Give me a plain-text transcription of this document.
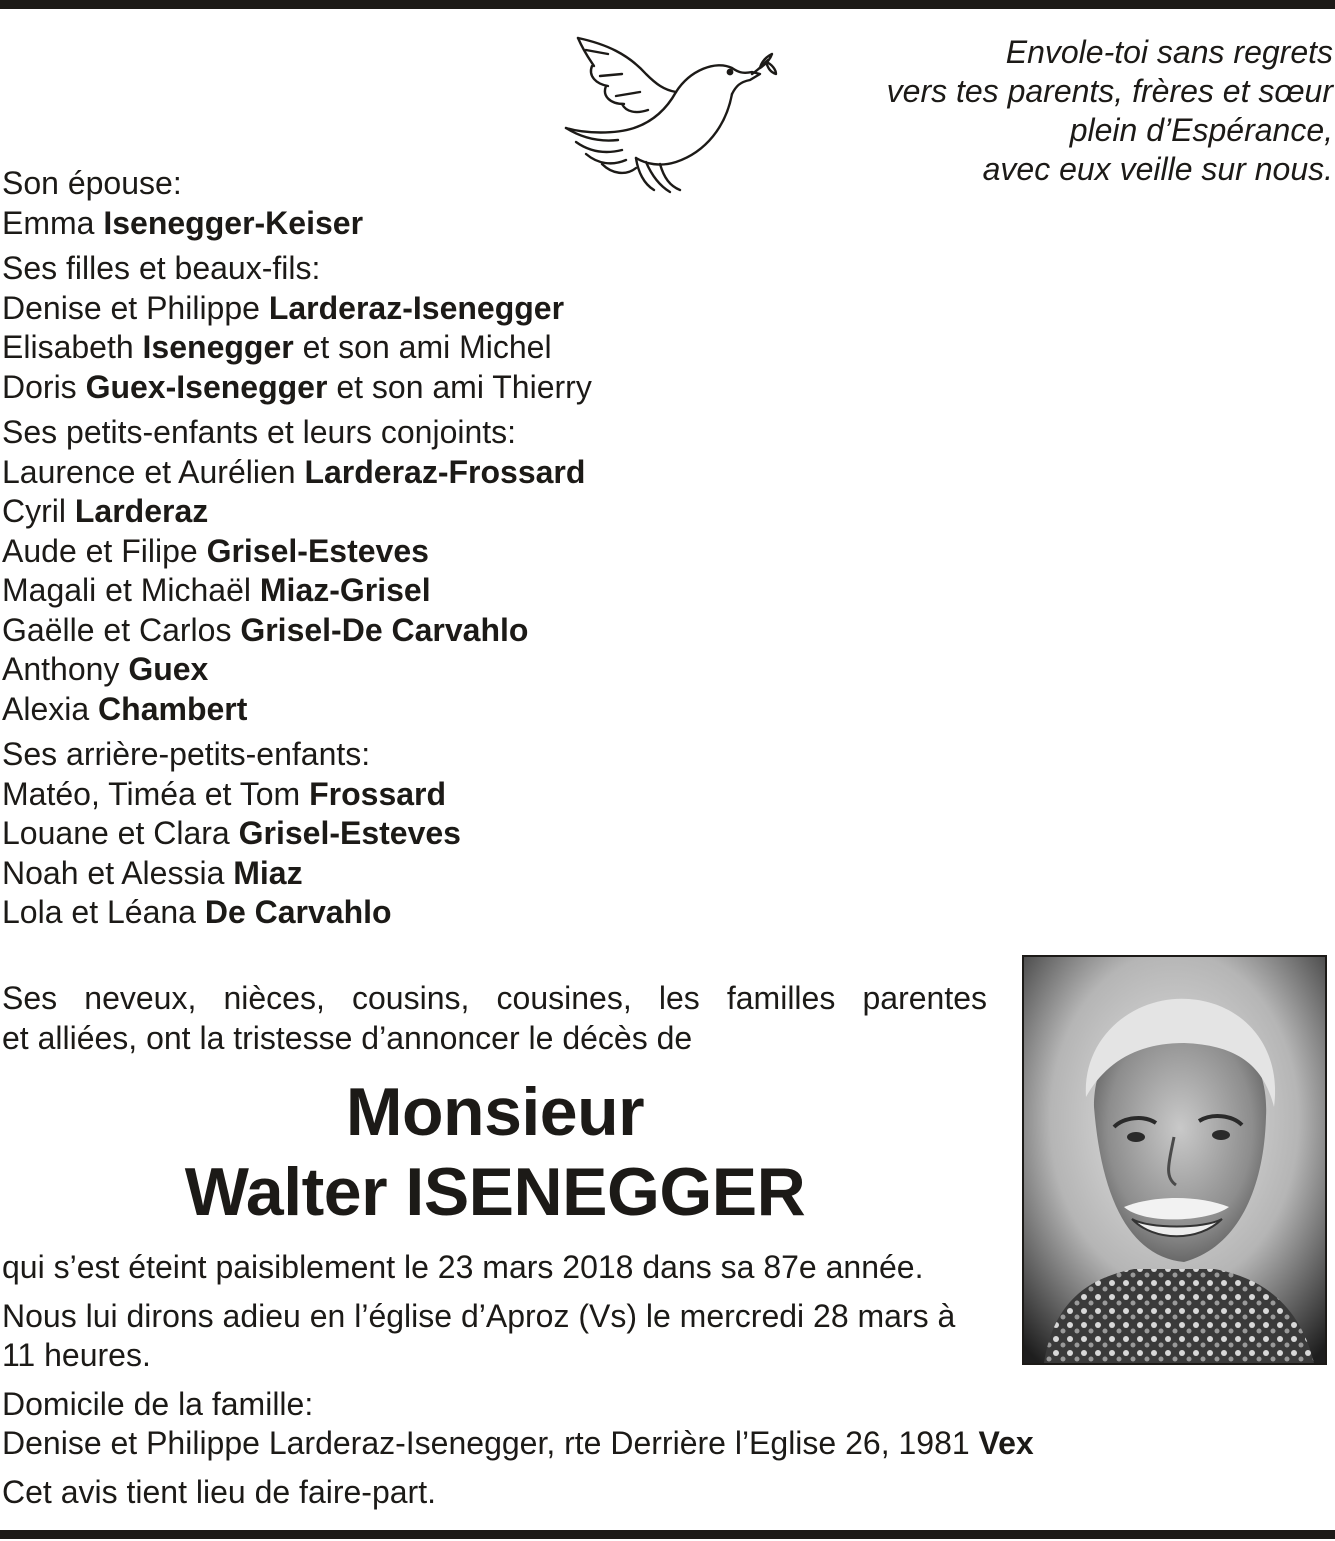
Envole-toi sans regrets
vers tes parents, frères et sœur
plein d’Espérance,
avec eux veille sur nous.
Son épouse:
Emma Isenegger-Keiser
Ses filles et beaux-fils:
Denise et Philippe Larderaz-Isenegger
Elisabeth Isenegger et son ami Michel
Doris Guex-Isenegger et son ami Thierry
Ses petits-enfants et leurs conjoints:
Laurence et Aurélien Larderaz-Frossard
Cyril Larderaz
Aude et Filipe Grisel-Esteves
Magali et Michaël Miaz-Grisel
Gaëlle et Carlos Grisel-De Carvahlo
Anthony Guex
Alexia Chambert
Ses arrière-petits-enfants:
Matéo, Timéa et Tom Frossard
Louane et Clara Grisel-Esteves
Noah et Alessia Miaz
Lola et Léana De Carvahlo
Ses neveux, nièces, cousins, cousines, les familles parentes
et alliées, ont la tristesse d’annoncer le décès de
Monsieur
Walter ISENEGGER
qui s’est éteint paisiblement le 23 mars 2018 dans sa 87e année.
Nous lui dirons adieu en l’église d’Aproz (Vs) le mercredi 28 mars à 11 heures.
Domicile de la famille:
Denise et Philippe Larderaz-Isenegger, rte Derrière l’Eglise 26, 1981 Vex
Cet avis tient lieu de faire-part.
